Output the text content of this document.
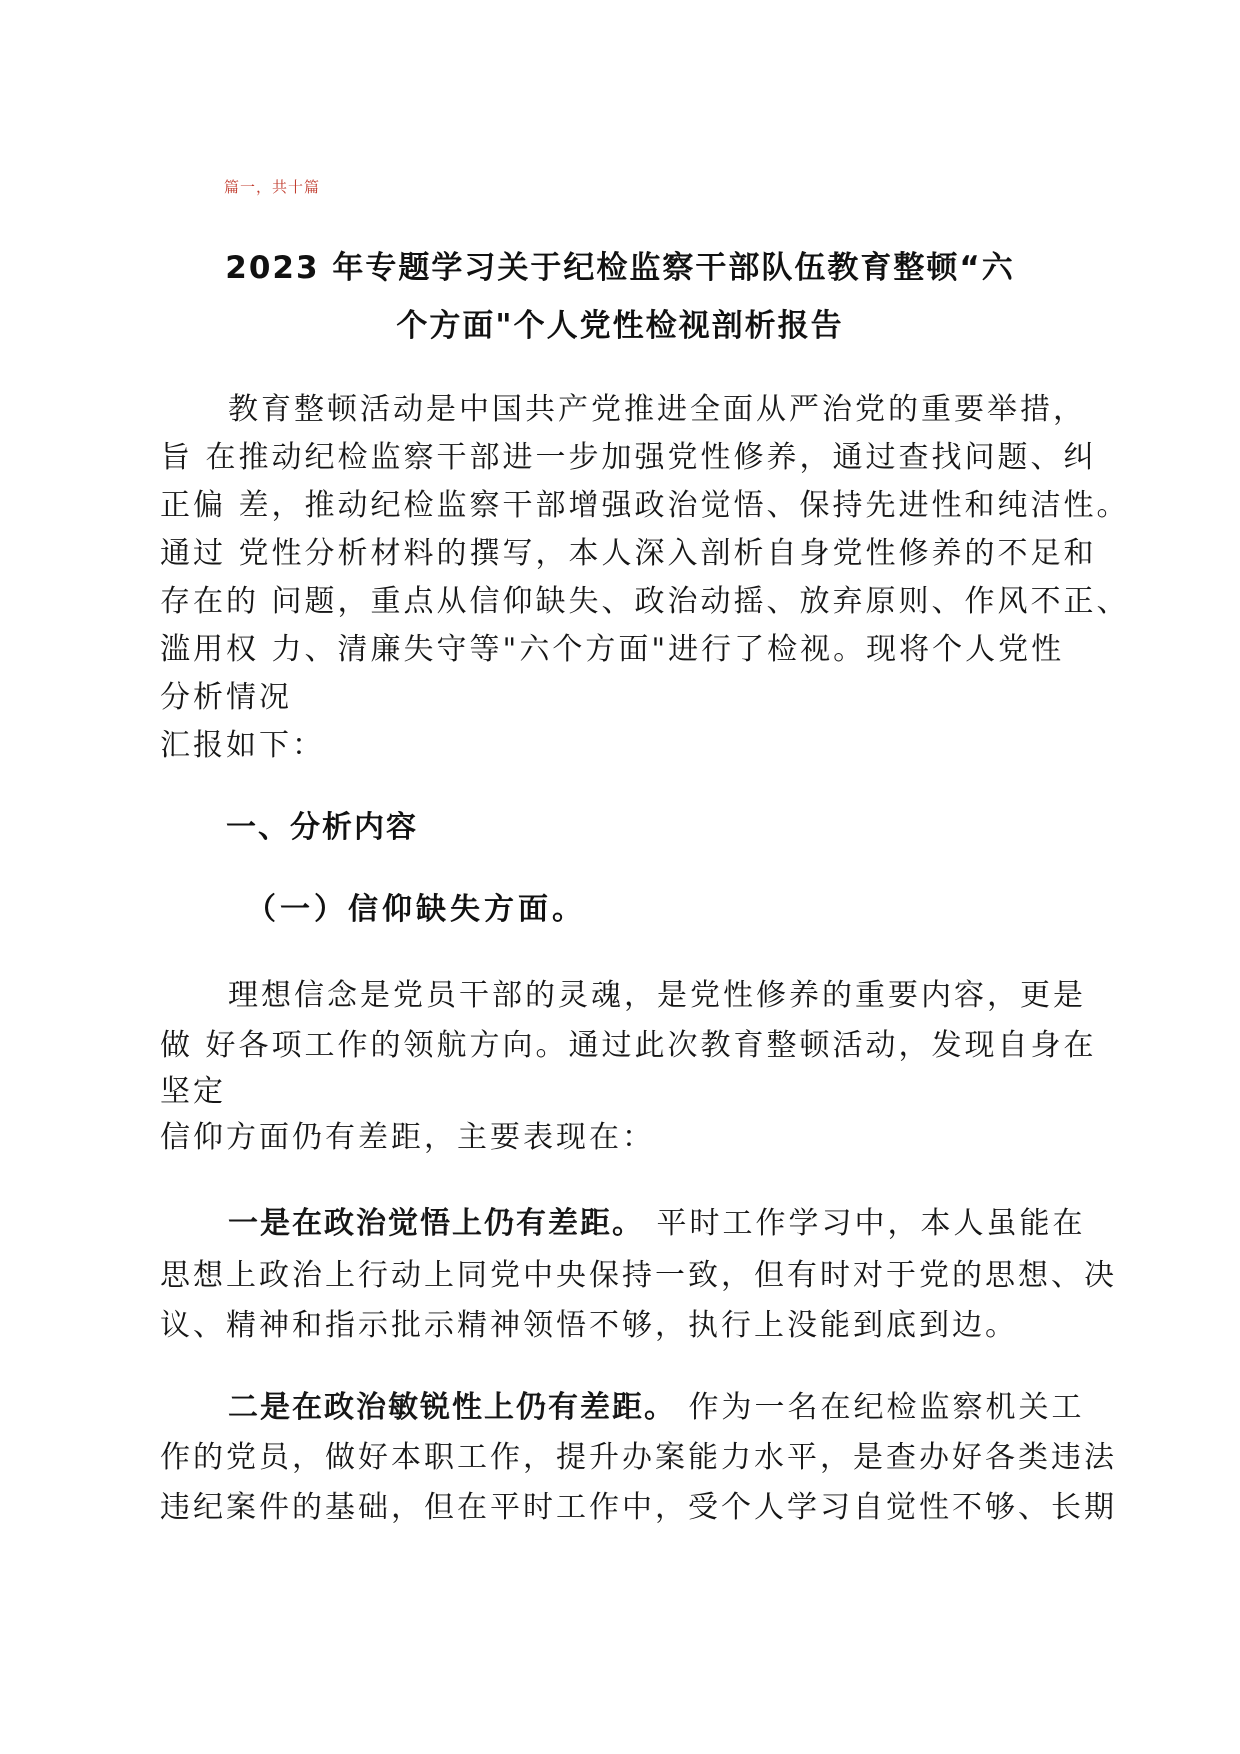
篇一，共十篇
2023 年专题学习关于纪检监察干部队伍教育整顿“六
个方面"个人党性检视剖析报告
教育整顿活动是中国共产党推进全面从严治党的重要举措，
旨 在推动纪检监察干部进一步加强党性修养，通过查找问题、纠
正偏 差，推动纪检监察干部增强政治觉悟、保持先进性和纯洁性。
通过 党性分析材料的撰写，本人深入剖析自身党性修养的不足和
存在的 问题，重点从信仰缺失、政治动摇、放弃原则、作风不正、
滥用权 力、清廉失守等"六个方面"进行了检视。现将个人党性
分析情况
汇报如下：
一、分析内容
（一）信仰缺失方面。
理想信念是党员干部的灵魂，是党性修养的重要内容，更是
做 好各项工作的领航方向。通过此次教育整顿活动，发现自身在
坚定
信仰方面仍有差距，主要表现在：
一是在政治觉悟上仍有差距。 平时工作学习中，本人虽能在
思想上政治上行动上同党中央保持一致，但有时对于党的思想、决
议、精神和指示批示精神领悟不够，执行上没能到底到边。
二是在政治敏锐性上仍有差距。 作为一名在纪检监察机关工
作的党员，做好本职工作，提升办案能力水平，是查办好各类违法
违纪案件的基础，但在平时工作中，受个人学习自觉性不够、长期
